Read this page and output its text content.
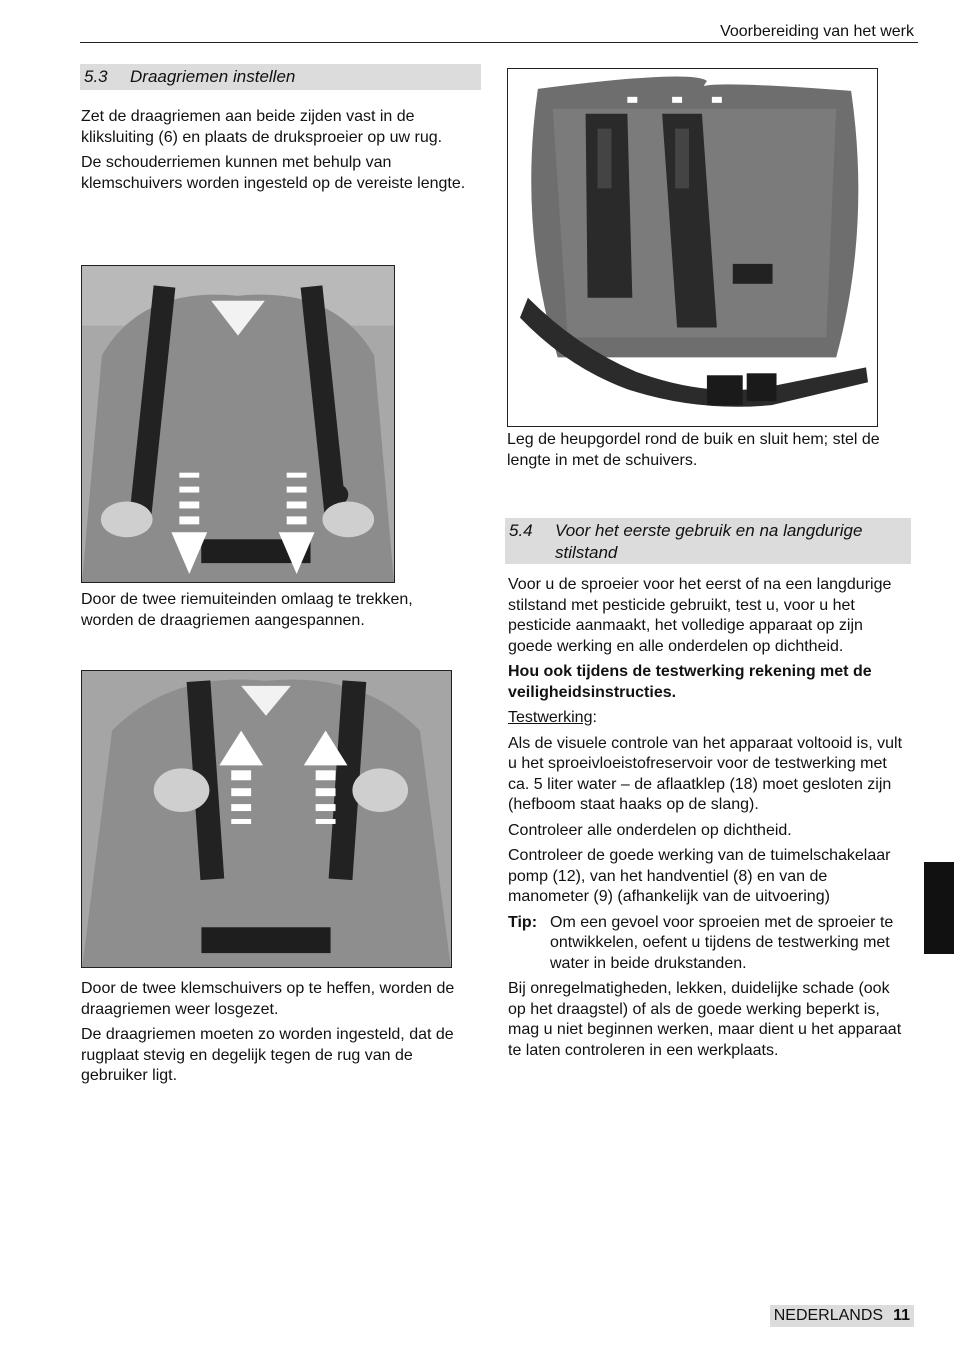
Voorbereiding van het werk
5.3 Draagriemen instellen

Zet de draagriemen aan beide zijden vast in de kliksluiting (6) en plaats de druksproeier op uw rug.

De schouderriemen kunnen met behulp van klemschuivers worden ingesteld op de vereiste lengte.

Door de twee riemuiteinden omlaag te trekken, worden de draagriemen aangespannen.

Door de twee klemschuivers op te heffen, worden de draagriemen weer losgezet.

De draagriemen moeten zo worden ingesteld, dat de rugplaat stevig en degelijk tegen de rug van de gebruiker ligt.

Leg de heupgordel rond de buik en sluit hem; stel de lengte in met de schuivers.

5.4 Voor het eerste gebruik en na langdurige
stilstand

Voor u de sproeier voor het eerst of na een langdurige stilstand met pesticide gebruikt, test u, voor u het pesticide aanmaakt, het volledige apparaat op zijn goede werking en alle onderdelen op dichtheid.

Hou ook tijdens de testwerking rekening met de veiligheidsinstructies.

Testwerking:

Als de visuele controle van het apparaat voltooid is, vult u het sproeivloeistofreservoir voor de testwerking met ca. 5 liter water – de aflaatklep (18) moet gesloten zijn (hefboom staat haaks op de slang).

Controleer alle onderdelen op dichtheid.

Controleer de goede werking van de tuimelschakelaar pomp (12), van het handventiel (8) en van de manometer (9) (afhankelijk van de uitvoering)

Tip: Om een gevoel voor sproeien met de sproeier te ontwikkelen, oefent u tijdens de testwerking met water in beide drukstanden.

Bij onregelmatigheden, lekken, duidelijke schade (ook op het draagstel) of als de goede werking beperkt is, mag u niet beginnen werken, maar dient u het apparaat te laten controleren in een werkplaats.

NEDERLANDS 11
